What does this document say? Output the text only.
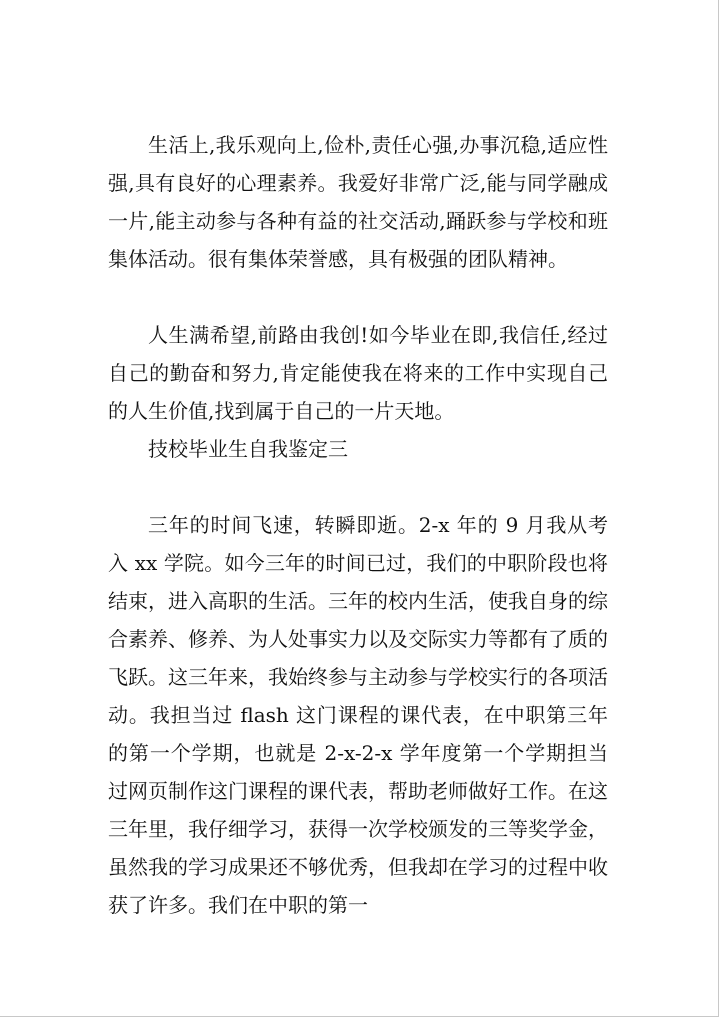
生活上,我乐观向上,俭朴,责任心强,办事沉稳,适应性强,具有良好的心理素养。我爱好非常广泛,能与同学融成一片,能主动参与各种有益的社交活动,踊跃参与学校和班集体活动。很有集体荣誉感，具有极强的团队精神。

人生满希望,前路由我创!如今毕业在即,我信任,经过自己的勤奋和努力,肯定能使我在将来的工作中实现自己的人生价值,找到属于自己的一片天地。

技校毕业生自我鉴定三

三年的时间飞速，转瞬即逝。2-x 年的 9 月我从考入 xx 学院。如今三年的时间已过，我们的中职阶段也将结束，进入高职的生活。三年的校内生活，使我自身的综合素养、修养、为人处事实力以及交际实力等都有了质的飞跃。这三年来，我始终参与主动参与学校实行的各项活动。我担当过 flash 这门课程的课代表，在中职第三年的第一个学期，也就是 2-x-2-x 学年度第一个学期担当过网页制作这门课程的课代表，帮助老师做好工作。在这三年里，我仔细学习，获得一次学校颁发的三等奖学金，虽然我的学习成果还不够优秀，但我却在学习的过程中收获了许多。我们在中职的第一
